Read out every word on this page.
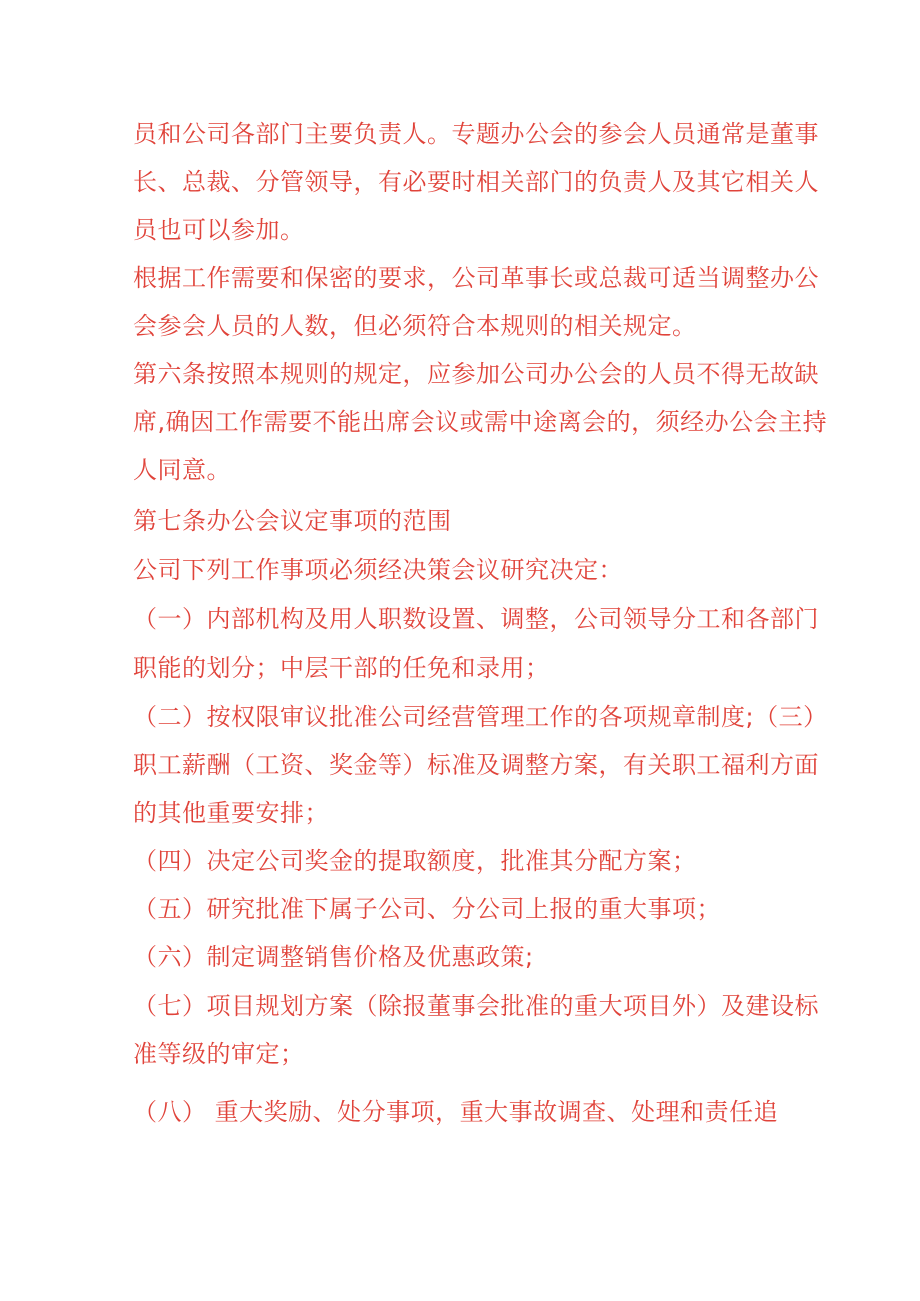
员和公司各部门主要负责人。专题办公会的参会人员通常是董事
长、总裁、分管领导，有必要时相关部门的负责人及其它相关人
员也可以参加。
根据工作需要和保密的要求，公司革事长或总裁可适当调整办公
会参会人员的人数，但必须符合本规则的相关规定。
第六条按照本规则的规定，应参加公司办公会的人员不得无故缺
席,确因工作需要不能出席会议或需中途离会的，须经办公会主持
人同意。
第七条办公会议定事项的范围
公司下列工作事项必须经决策会议研究决定：
（一）内部机构及用人职数设置、调整，公司领导分工和各部门
职能的划分；中层干部的任免和录用；
（二）按权限审议批准公司经营管理工作的各项规章制度;（三）
职工薪酬（工资、奖金等）标准及调整方案，有关职工福利方面
的其他重要安排；
（四）决定公司奖金的提取额度，批准其分配方案；
（五）研究批准下属子公司、分公司上报的重大事项；
（六）制定调整销售价格及优惠政策;
（七）项目规划方案（除报董事会批准的重大项目外）及建设标
准等级的审定；
（八） 重大奖励、处分事项，重大事故调查、处理和责任追
